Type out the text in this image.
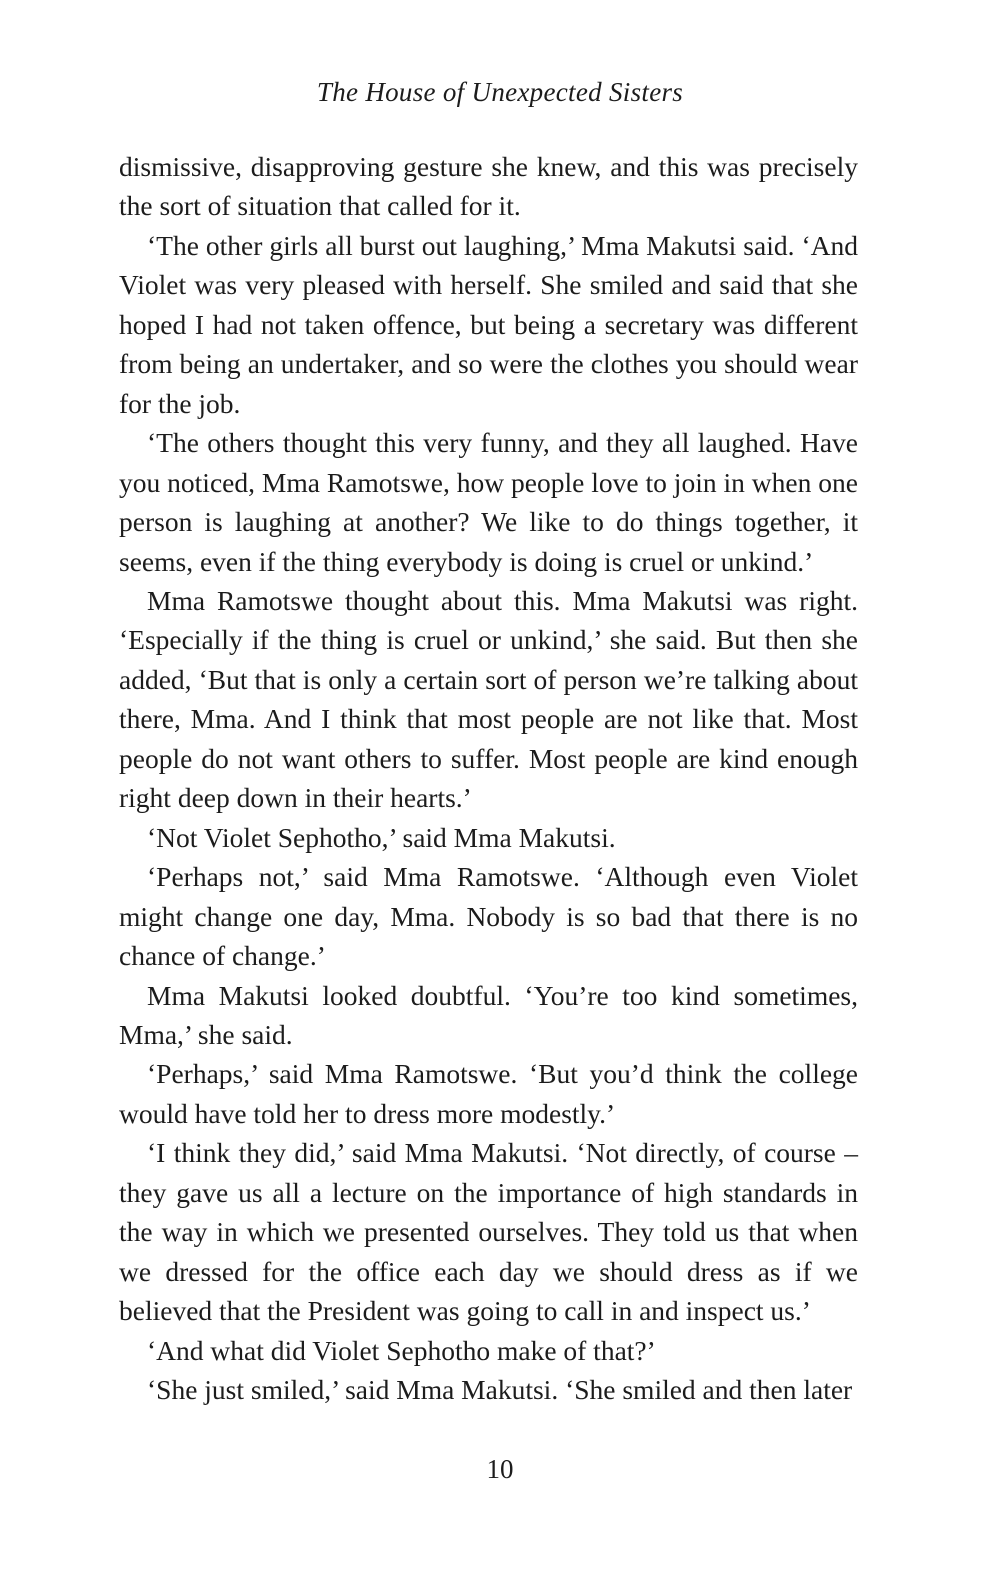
The House of Unexpected Sisters

dismissive, disapproving gesture she knew, and this was precisely the sort of situation that called for it.

‘The other girls all burst out laughing,’ Mma Makutsi said. ‘And Violet was very pleased with herself. She smiled and said that she hoped I had not taken offence, but being a secretary was different from being an undertaker, and so were the clothes you should wear for the job.

‘The others thought this very funny, and they all laughed. Have you noticed, Mma Ramotswe, how people love to join in when one person is laughing at another? We like to do things together, it seems, even if the thing everybody is doing is cruel or unkind.’

Mma Ramotswe thought about this. Mma Makutsi was right. ‘Especially if the thing is cruel or unkind,’ she said. But then she added, ‘But that is only a certain sort of person we’re talking about there, Mma. And I think that most people are not like that. Most people do not want others to suffer. Most people are kind enough right deep down in their hearts.’

‘Not Violet Sephotho,’ said Mma Makutsi.

‘Perhaps not,’ said Mma Ramotswe. ‘Although even Violet might change one day, Mma. Nobody is so bad that there is no chance of change.’

Mma Makutsi looked doubtful. ‘You’re too kind sometimes, Mma,’ she said.

‘Perhaps,’ said Mma Ramotswe. ‘But you’d think the college would have told her to dress more modestly.’

‘I think they did,’ said Mma Makutsi. ‘Not directly, of course – they gave us all a lecture on the importance of high standards in the way in which we presented ourselves. They told us that when we dressed for the office each day we should dress as if we believed that the President was going to call in and inspect us.’

‘And what did Violet Sephotho make of that?’

‘She just smiled,’ said Mma Makutsi. ‘She smiled and then later

10
